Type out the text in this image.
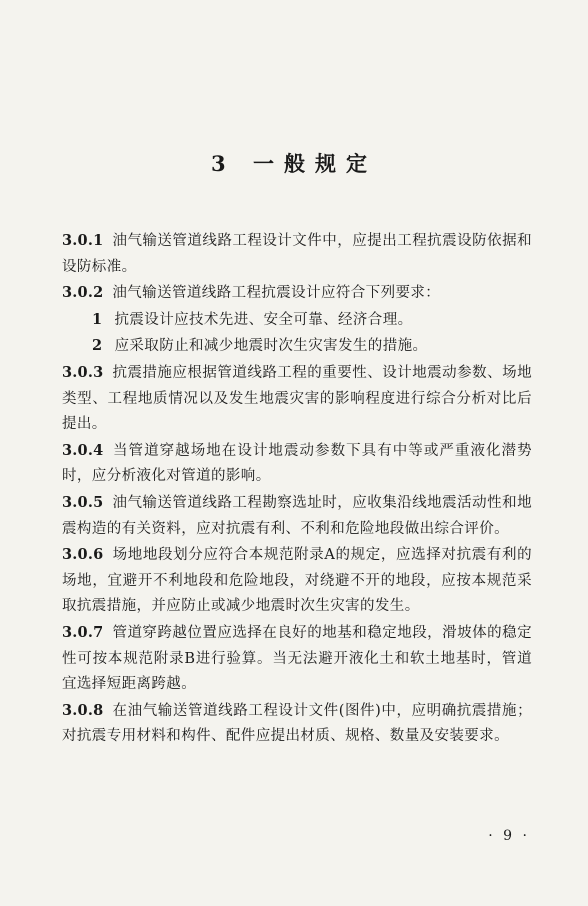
3 一般规定

3.0.1 油气输送管道线路工程设计文件中，应提出工程抗震设防依据和设防标准。

3.0.2 油气输送管道线路工程抗震设计应符合下列要求：

1 抗震设计应技术先进、安全可靠、经济合理。

2 应采取防止和减少地震时次生灾害发生的措施。

3.0.3 抗震措施应根据管道线路工程的重要性、设计地震动参数、场地类型、工程地质情况以及发生地震灾害的影响程度进行综合分析对比后提出。

3.0.4 当管道穿越场地在设计地震动参数下具有中等或严重液化潜势时，应分析液化对管道的影响。

3.0.5 油气输送管道线路工程勘察选址时，应收集沿线地震活动性和地震构造的有关资料，应对抗震有利、不利和危险地段做出综合评价。

3.0.6 场地地段划分应符合本规范附录A的规定，应选择对抗震有利的场地，宜避开不利地段和危险地段，对绕避不开的地段，应按本规范采取抗震措施，并应防止或减少地震时次生灾害的发生。

3.0.7 管道穿跨越位置应选择在良好的地基和稳定地段，滑坡体的稳定性可按本规范附录B进行验算。当无法避开液化土和软土地基时，管道宜选择短距离跨越。

3.0.8 在油气输送管道线路工程设计文件(图件)中，应明确抗震措施；对抗震专用材料和构件、配件应提出材质、规格、数量及安装要求。

· 9 ·
